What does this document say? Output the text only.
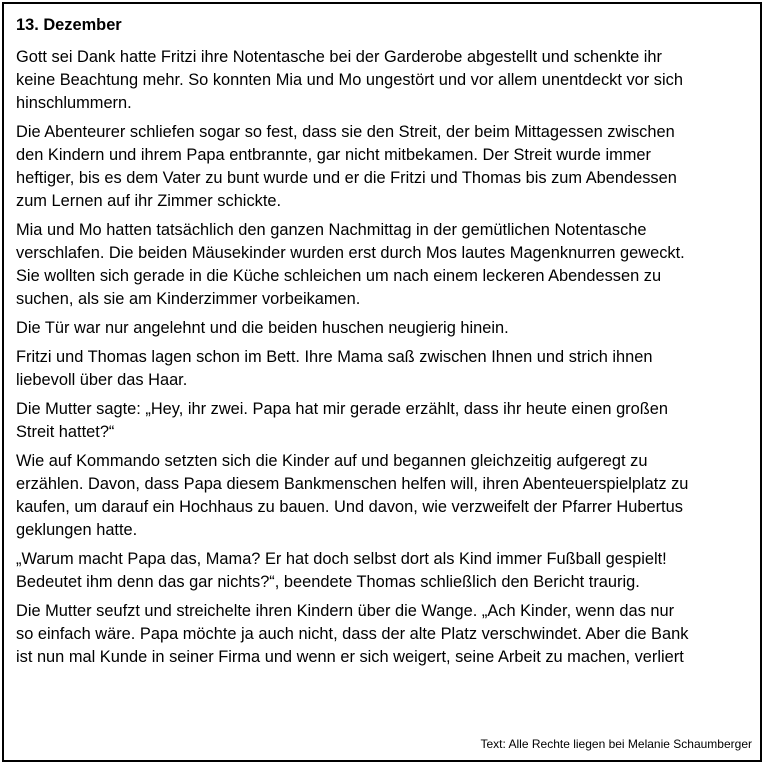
13. Dezember
Gott sei Dank hatte Fritzi ihre Notentasche bei der Garderobe abgestellt und schenkte ihr
keine Beachtung mehr. So konnten Mia und Mo ungestört und vor allem unentdeckt vor sich
hinschlummern.
Die Abenteurer schliefen sogar so fest, dass sie den Streit, der beim Mittagessen zwischen
den Kindern und ihrem Papa entbrannte, gar nicht mitbekamen. Der Streit wurde immer
heftiger, bis es dem Vater zu bunt wurde und er die Fritzi und Thomas bis zum Abendessen
zum Lernen auf ihr Zimmer schickte.
Mia und Mo hatten tatsächlich den ganzen Nachmittag in der gemütlichen Notentasche
verschlafen. Die beiden Mäusekinder wurden erst durch Mos lautes Magenknurren geweckt.
Sie wollten sich gerade in die Küche schleichen um nach einem leckeren Abendessen zu
suchen, als sie am Kinderzimmer vorbeikamen.
Die Tür war nur angelehnt und die beiden huschen neugierig hinein.
Fritzi und Thomas lagen schon im Bett. Ihre Mama saß zwischen Ihnen und strich ihnen
liebevoll über das Haar.
Die Mutter sagte: „Hey, ihr zwei. Papa hat mir gerade erzählt, dass ihr heute einen großen
Streit hattet?“
Wie auf Kommando setzten sich die Kinder auf und begannen gleichzeitig aufgeregt zu
erzählen. Davon, dass Papa diesem Bankmenschen helfen will, ihren Abenteuerspielplatz zu
kaufen, um darauf ein Hochhaus zu bauen. Und davon, wie verzweifelt der Pfarrer Hubertus
geklungen hatte.
„Warum macht Papa das, Mama? Er hat doch selbst dort als Kind immer Fußball gespielt!
Bedeutet ihm denn das gar nichts?“, beendete Thomas schließlich den Bericht traurig.
Die Mutter seufzt und streichelte ihren Kindern über die Wange. „Ach Kinder, wenn das nur
so einfach wäre. Papa möchte ja auch nicht, dass der alte Platz verschwindet. Aber die Bank
ist nun mal Kunde in seiner Firma und wenn er sich weigert, seine Arbeit zu machen, verliert
Text: Alle Rechte liegen bei Melanie Schaumberger
